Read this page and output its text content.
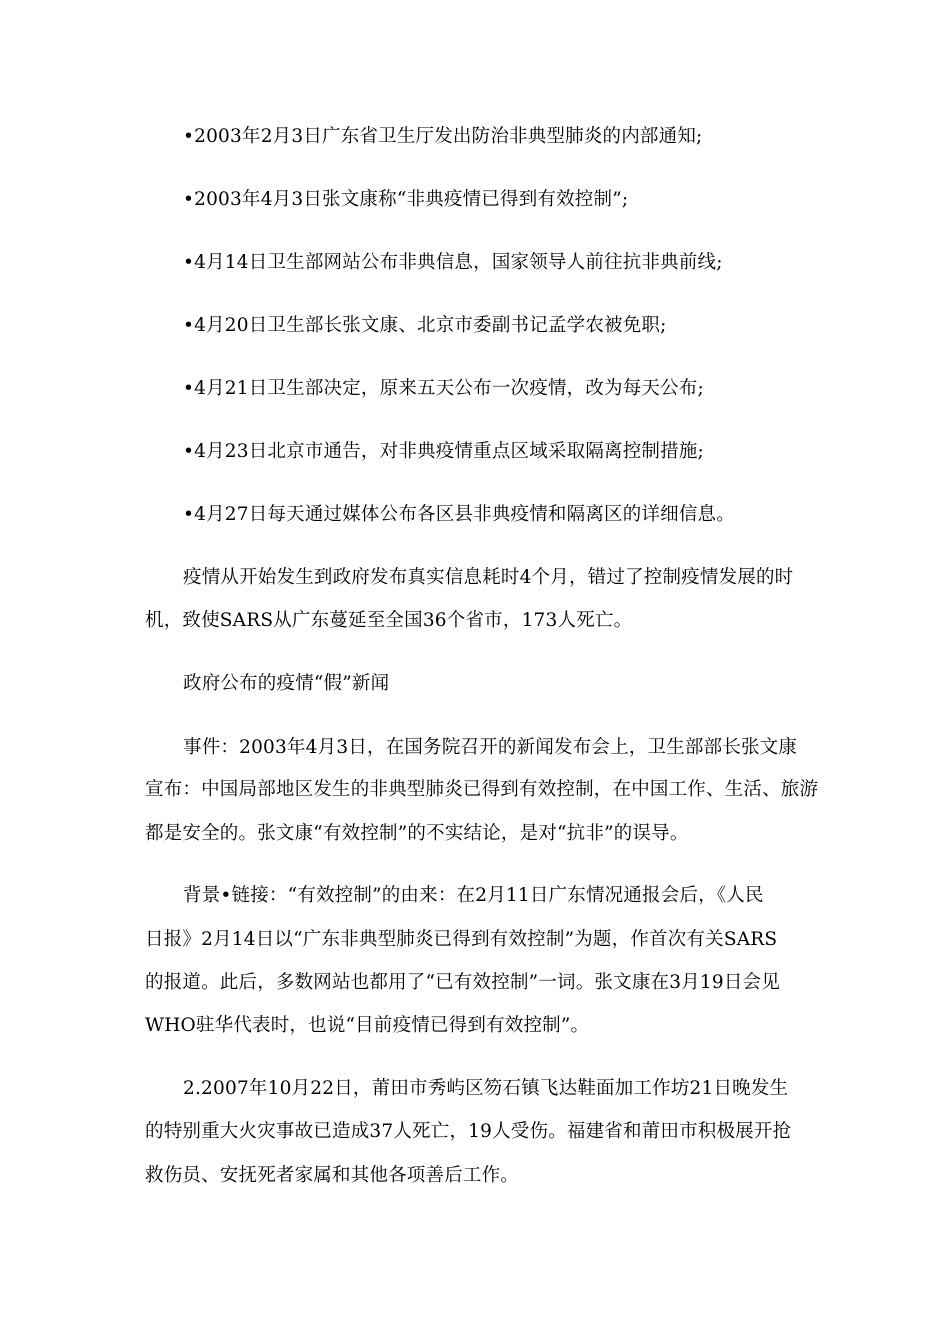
•2003年2月3日广东省卫生厅发出防治非典型肺炎的内部通知;
•2003年4月3日张文康称“非典疫情已得到有效控制”;
•4月14日卫生部网站公布非典信息，国家领导人前往抗非典前线;
•4月20日卫生部长张文康、北京市委副书记孟学农被免职;
•4月21日卫生部决定，原来五天公布一次疫情，改为每天公布;
•4月23日北京市通告，对非典疫情重点区域采取隔离控制措施;
•4月27日每天通过媒体公布各区县非典疫情和隔离区的详细信息。
疫情从开始发生到政府发布真实信息耗时4个月，错过了控制疫情发展的时
机，致使SARS从广东蔓延至全国36个省市，173人死亡。
政府公布的疫情“假”新闻
事件：2003年4月3日，在国务院召开的新闻发布会上，卫生部部长张文康
宣布：中国局部地区发生的非典型肺炎已得到有效控制，在中国工作、生活、旅游
都是安全的。张文康“有效控制”的不实结论，是对“抗非”的误导。
背景•链接：“有效控制”的由来：在2月11日广东情况通报会后，《人民
日报》2月14日以“广东非典型肺炎已得到有效控制”为题，作首次有关SARS
的报道。此后，多数网站也都用了“已有效控制”一词。张文康在3月19日会见
WHO驻华代表时，也说“目前疫情已得到有效控制”。
2.2007年10月22日，莆田市秀屿区笏石镇飞达鞋面加工作坊21日晚发生
的特别重大火灾事故已造成37人死亡，19人受伤。福建省和莆田市积极展开抢
救伤员、安抚死者家属和其他各项善后工作。
